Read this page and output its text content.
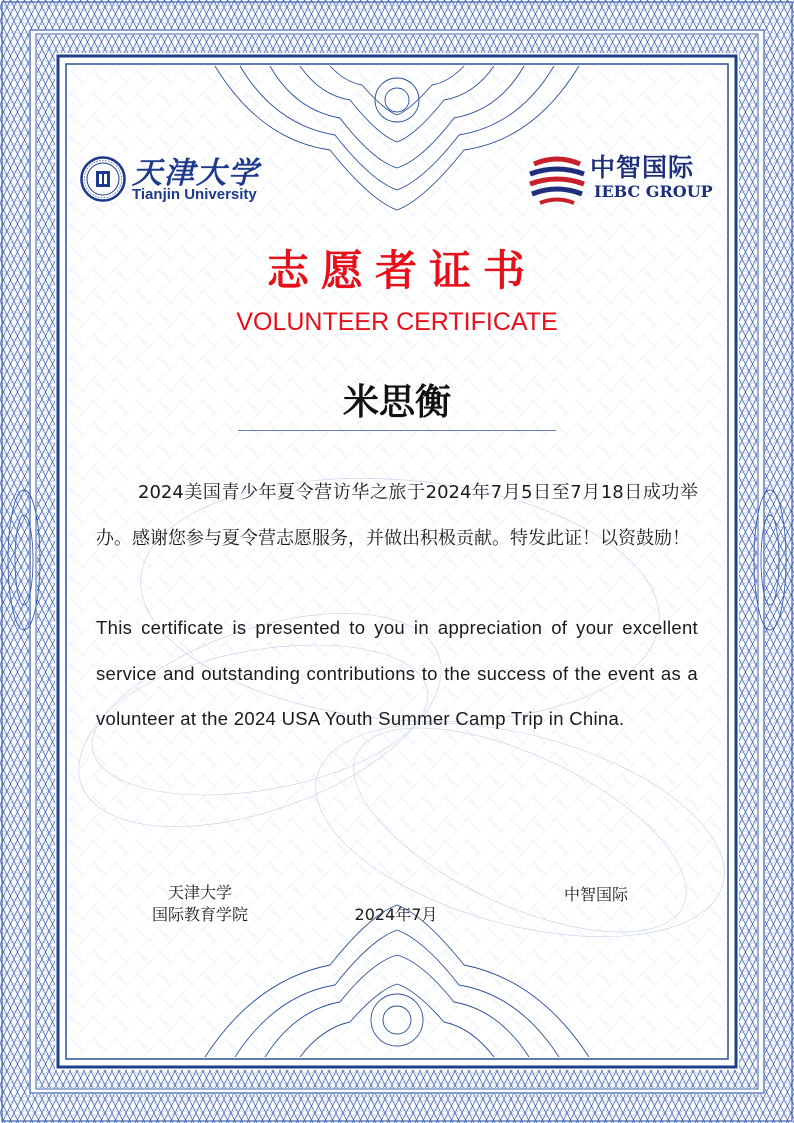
天津大学
Tianjin University
中智国际
IEBC GROUP
志愿者证书
VOLUNTEER CERTIFICATE
米思衡

2024美国青少年夏令营访华之旅于2024年7月5日至7月18日成功举办。感谢您参与夏令营志愿服务，并做出积极贡献。特发此证！以资鼓励！

This certificate is presented to you in appreciation of your excellent service and outstanding contributions to the success of the event as a volunteer at the 2024 USA Youth Summer Camp Trip in China.

天津大学
国际教育学院	2024年7月
中智国际
